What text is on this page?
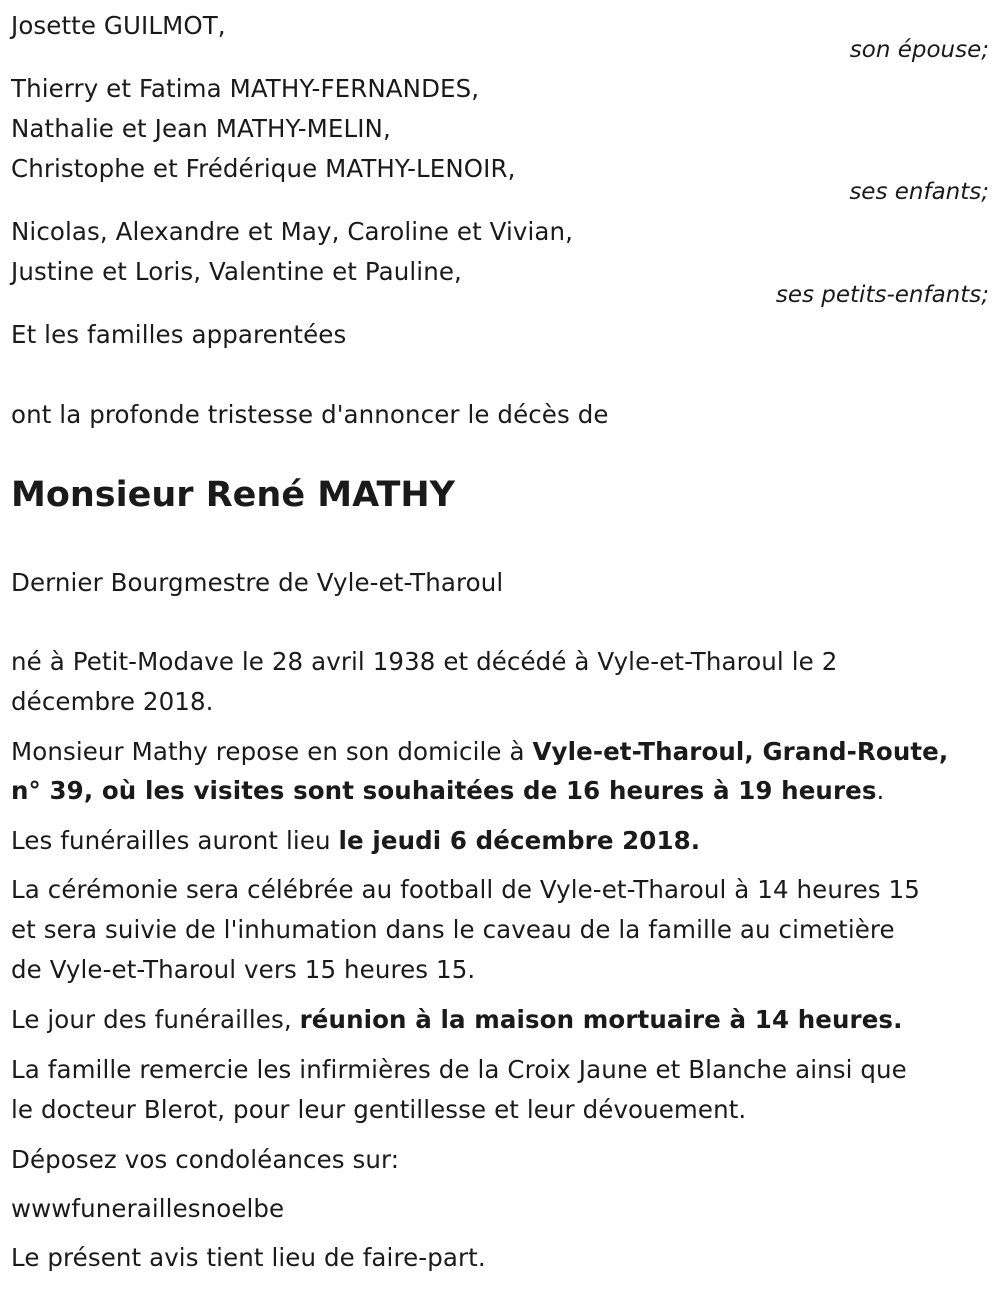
Josette GUILMOT,
son épouse;
Thierry et Fatima MATHY-FERNANDES,
Nathalie et Jean MATHY-MELIN,
Christophe et Frédérique MATHY-LENOIR,
ses enfants;
Nicolas, Alexandre et May, Caroline et Vivian,
Justine et Loris, Valentine et Pauline,
ses petits-enfants;
Et les familles apparentées
ont la profonde tristesse d'annoncer le décès de
Monsieur René MATHY
Dernier Bourgmestre de Vyle-et-Tharoul
né à Petit-Modave le 28 avril 1938 et décédé à Vyle-et-Tharoul le 2
décembre 2018.
Monsieur Mathy repose en son domicile à Vyle-et-Tharoul, Grand-Route,
n° 39, où les visites sont souhaitées de 16 heures à 19 heures.
Les funérailles auront lieu le jeudi 6 décembre 2018.
La cérémonie sera célébrée au football de Vyle-et-Tharoul à 14 heures 15
et sera suivie de l'inhumation dans le caveau de la famille au cimetière
de Vyle-et-Tharoul vers 15 heures 15.
Le jour des funérailles, réunion à la maison mortuaire à 14 heures.
La famille remercie les infirmières de la Croix Jaune et Blanche ainsi que
le docteur Blerot, pour leur gentillesse et leur dévouement.
Déposez vos condoléances sur:
wwwfuneraillesnoelbe
Le présent avis tient lieu de faire-part.
